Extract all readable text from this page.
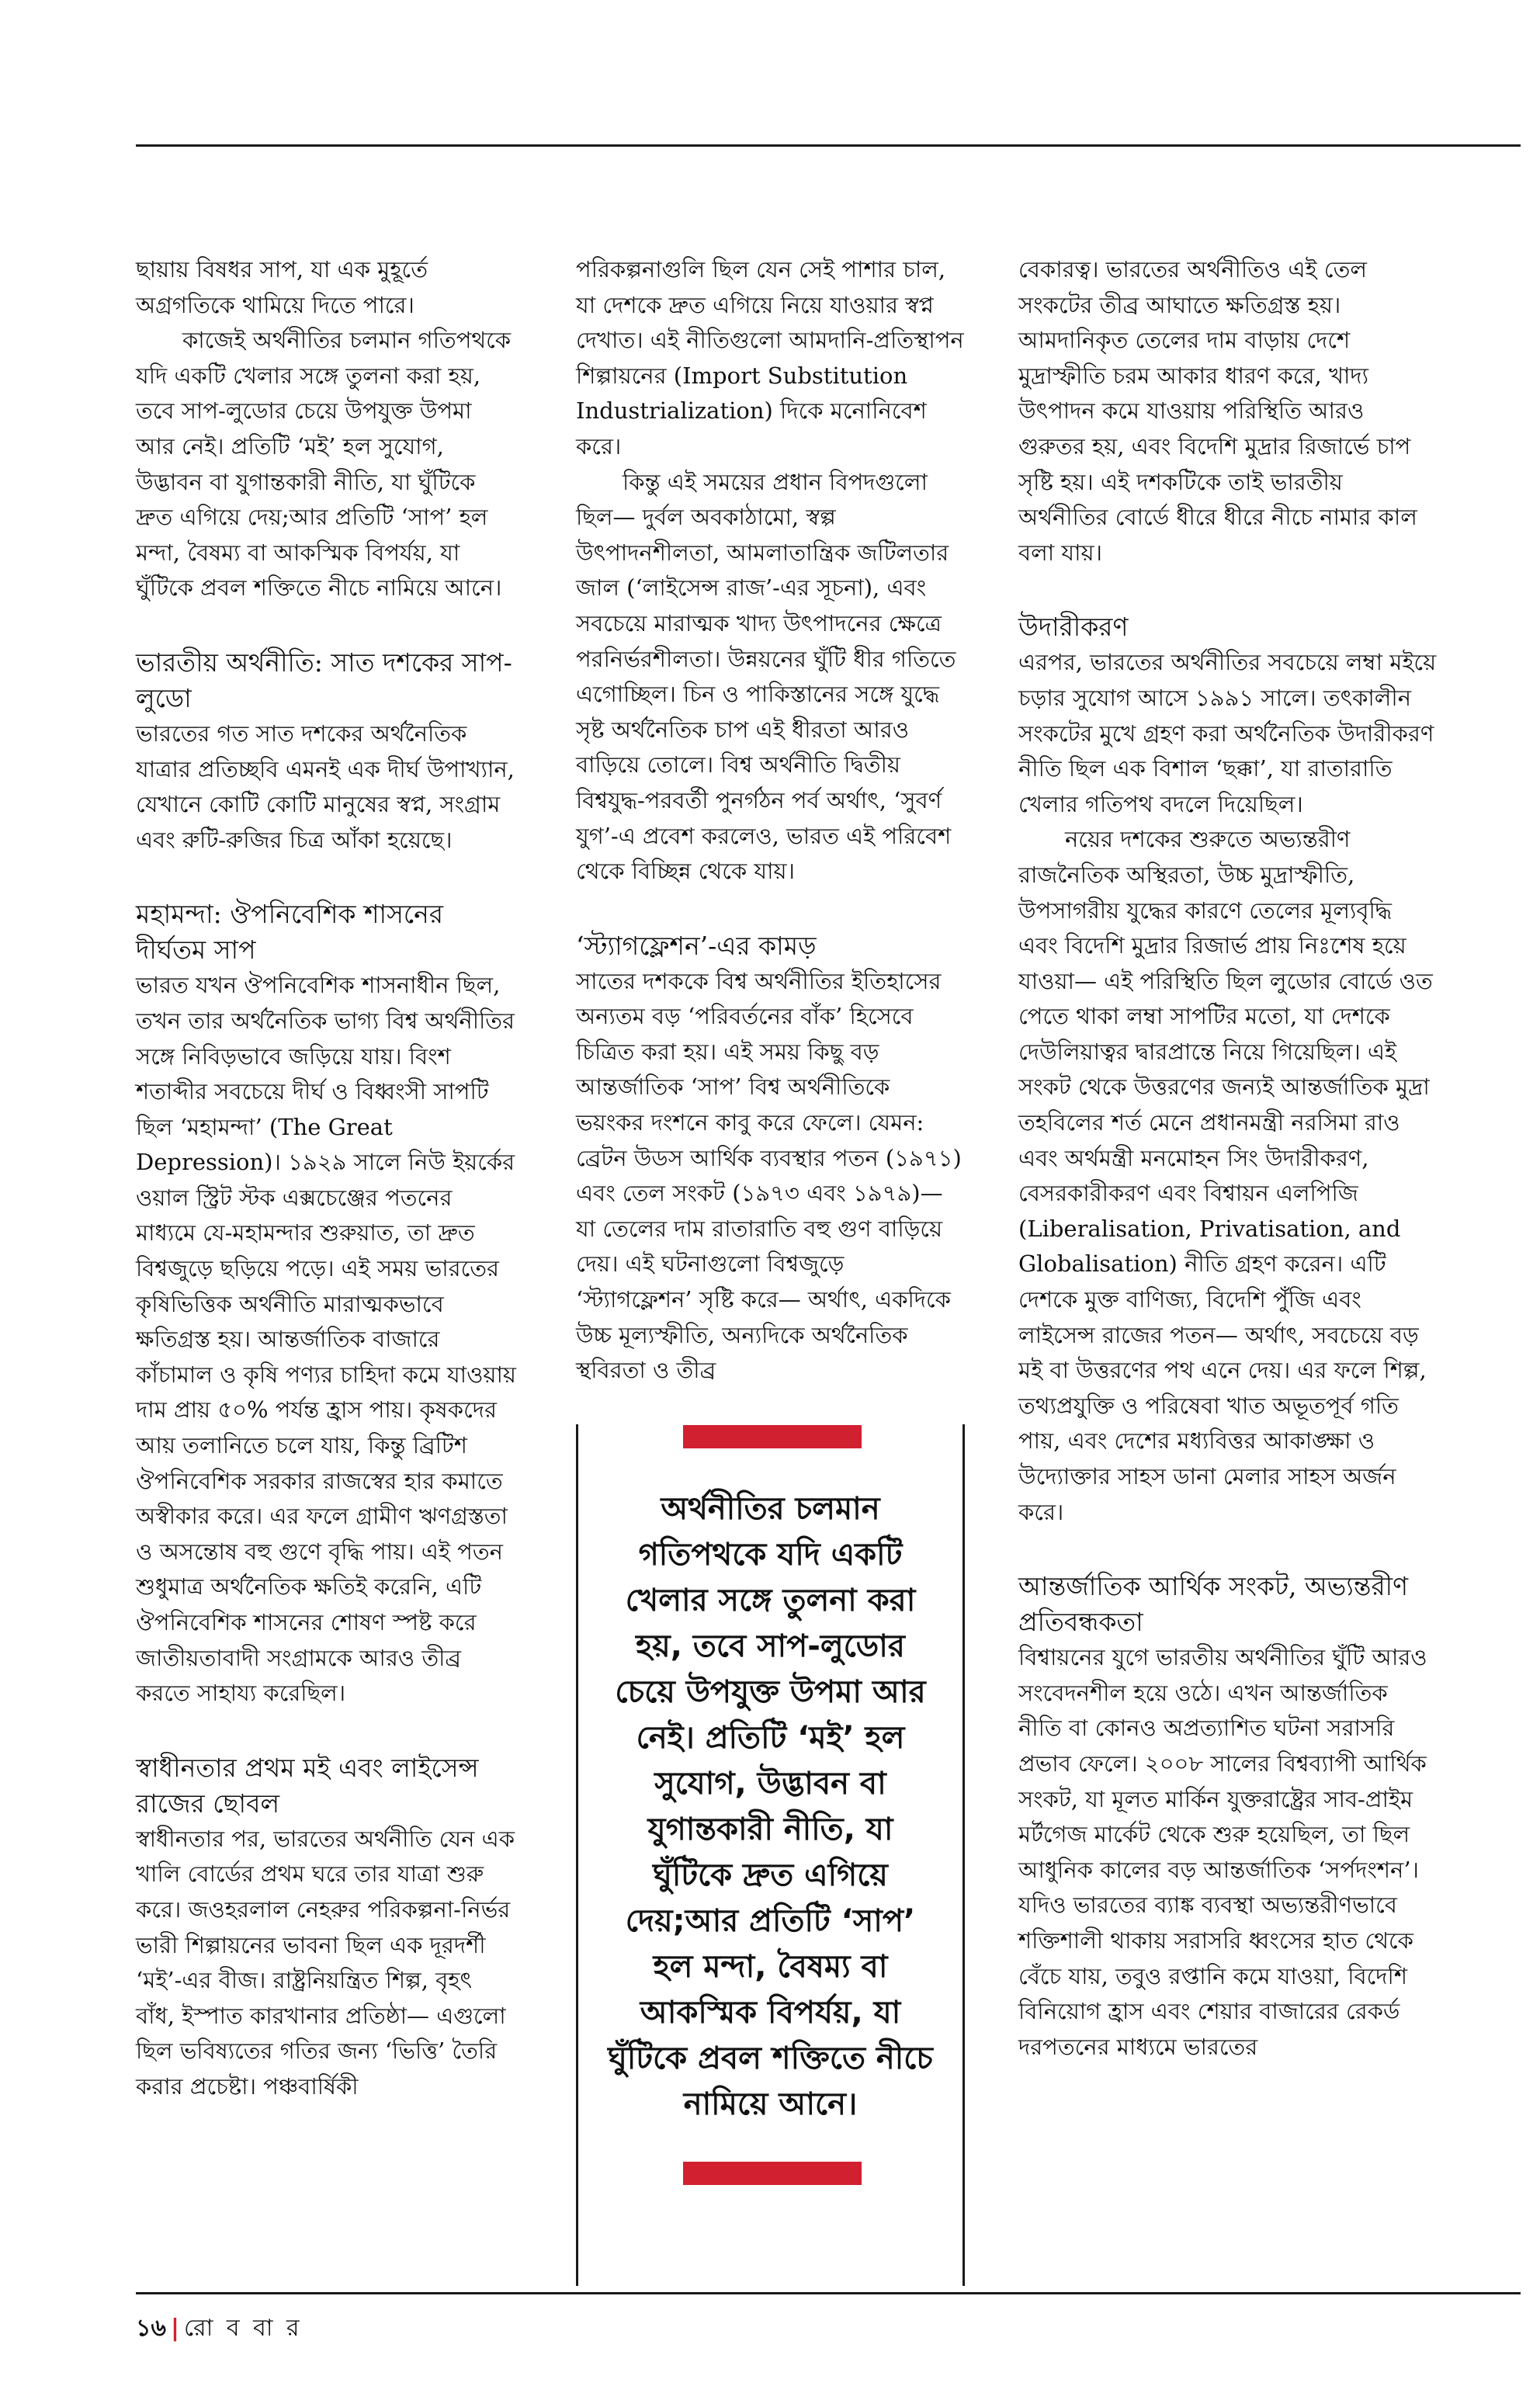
ছায়ায় বিষধর সাপ, যা এক মুহূর্তে অগ্রগতিকে থামিয়ে দিতে পারে।

কাজেই অর্থনীতির চলমান গতিপথকে যদি একটি খেলার সঙ্গে তুলনা করা হয়, তবে সাপ-লুডোর চেয়ে উপযুক্ত উপমা আর নেই। প্রতিটি ‘মই’ হল সুযোগ, উদ্ভাবন বা যুগান্তকারী নীতি, যা ঘুঁটিকে দ্রুত এগিয়ে দেয়;আর প্রতিটি ‘সাপ’ হল মন্দা, বৈষম্য বা আকস্মিক বিপর্যয়, যা ঘুঁটিকে প্রবল শক্তিতে নীচে নামিয়ে আনে।

ভারতীয় অর্থনীতি: সাত দশকের সাপ-লুডো

ভারতের গত সাত দশকের অর্থনৈতিক যাত্রার প্রতিচ্ছবি এমনই এক দীর্ঘ উপাখ্যান, যেখানে কোটি কোটি মানুষের স্বপ্ন, সংগ্রাম এবং রুটি-রুজির চিত্র আঁকা হয়েছে।

মহামন্দা: ঔপনিবেশিক শাসনের দীর্ঘতম সাপ

ভারত যখন ঔপনিবেশিক শাসনাধীন ছিল, তখন তার অর্থনৈতিক ভাগ্য বিশ্ব অর্থনীতির সঙ্গে নিবিড়ভাবে জড়িয়ে যায়। বিংশ শতাব্দীর সবচেয়ে দীর্ঘ ও বিধ্বংসী সাপটি ছিল ‘মহামন্দা’ (The Great Depression)। ১৯২৯ সালে নিউ ইয়র্কের ওয়াল স্ট্রিট স্টক এক্সচেঞ্জের পতনের মাধ্যমে যে-মহামন্দার শুরুয়াত, তা দ্রুত বিশ্বজুড়ে ছড়িয়ে পড়ে। এই সময় ভারতের কৃষিভিত্তিক অর্থনীতি মারাত্মকভাবে ক্ষতিগ্রস্ত হয়। আন্তর্জাতিক বাজারে কাঁচামাল ও কৃষি পণ্যর চাহিদা কমে যাওয়ায় দাম প্রায় ৫০% পর্যন্ত হ্রাস পায়। কৃষকদের আয় তলানিতে চলে যায়, কিন্তু ব্রিটিশ ঔপনিবেশিক সরকার রাজস্বের হার কমাতে অস্বীকার করে। এর ফলে গ্রামীণ ঋণগ্রস্ততা ও অসন্তোষ বহু গুণে বৃদ্ধি পায়। এই পতন শুধুমাত্র অর্থনৈতিক ক্ষতিই করেনি, এটি ঔপনিবেশিক শাসনের শোষণ স্পষ্ট করে জাতীয়তাবাদী সংগ্রামকে আরও তীব্র করতে সাহায্য করেছিল।

স্বাধীনতার প্রথম মই এবং লাইসেন্স রাজের ছোবল

স্বাধীনতার পর, ভারতের অর্থনীতি যেন এক খালি বোর্ডের প্রথম ঘরে তার যাত্রা শুরু করে। জওহরলাল নেহরুর পরিকল্পনা-নির্ভর ভারী শিল্পায়নের ভাবনা ছিল এক দূরদর্শী ‘মই’-এর বীজ। রাষ্ট্রনিয়ন্ত্রিত শিল্প, বৃহৎ বাঁধ, ইস্পাত কারখানার প্রতিষ্ঠা— এগুলো ছিল ভবিষ্যতের গতির জন্য ‘ভিত্তি’ তৈরি করার প্রচেষ্টা। পঞ্চবার্ষিকী

পরিকল্পনাগুলি ছিল যেন সেই পাশার চাল, যা দেশকে দ্রুত এগিয়ে নিয়ে যাওয়ার স্বপ্ন দেখাত। এই নীতিগুলো আমদানি-প্রতিস্থাপন শিল্পায়নের (Import Substitution Industrialization) দিকে মনোনিবেশ করে।

কিন্তু এই সময়ের প্রধান বিপদগুলো ছিল— দুর্বল অবকাঠামো, স্বল্প উৎপাদনশীলতা, আমলাতান্ত্রিক জটিলতার জাল (‘লাইসেন্স রাজ’-এর সূচনা), এবং সবচেয়ে মারাত্মক খাদ্য উৎপাদনের ক্ষেত্রে পরনির্ভরশীলতা। উন্নয়নের ঘুঁটি ধীর গতিতে এগোচ্ছিল। চিন ও পাকিস্তানের সঙ্গে যুদ্ধে সৃষ্ট অর্থনৈতিক চাপ এই ধীরতা আরও বাড়িয়ে তোলে। বিশ্ব অর্থনীতি দ্বিতীয় বিশ্বযুদ্ধ-পরবর্তী পুনর্গঠন পর্ব অর্থাৎ, ‘সুবর্ণ যুগ’-এ প্রবেশ করলেও, ভারত এই পরিবেশ থেকে বিচ্ছিন্ন থেকে যায়।

‘স্ট্যাগফ্লেশন’-এর কামড়

সাতের দশককে বিশ্ব অর্থনীতির ইতিহাসের অন্যতম বড় ‘পরিবর্তনের বাঁক’ হিসেবে চিত্রিত করা হয়। এই সময় কিছু বড় আন্তর্জাতিক ‘সাপ’ বিশ্ব অর্থনীতিকে ভয়ংকর দংশনে কাবু করে ফেলে। যেমন: ব্রেটন উডস আর্থিক ব্যবস্থার পতন (১৯৭১) এবং তেল সংকট (১৯৭৩ এবং ১৯৭৯)— যা তেলের দাম রাতারাতি বহু গুণ বাড়িয়ে দেয়। এই ঘটনাগুলো বিশ্বজুড়ে ‘স্ট্যাগফ্লেশন’ সৃষ্টি করে— অর্থাৎ, একদিকে উচ্চ মূল্যস্ফীতি, অন্যদিকে অর্থনৈতিক স্থবিরতা ও তীব্র

বেকারত্ব। ভারতের অর্থনীতিও এই তেল সংকটের তীব্র আঘাতে ক্ষতিগ্রস্ত হয়। আমদানিকৃত তেলের দাম বাড়ায় দেশে মুদ্রাস্ফীতি চরম আকার ধারণ করে, খাদ্য উৎপাদন কমে যাওয়ায় পরিস্থিতি আরও গুরুতর হয়, এবং বিদেশি মুদ্রার রিজার্ভে চাপ সৃষ্টি হয়। এই দশকটিকে তাই ভারতীয় অর্থনীতির বোর্ডে ধীরে ধীরে নীচে নামার কাল বলা যায়।

উদারীকরণ

এরপর, ভারতের অর্থনীতির সবচেয়ে লম্বা মইয়ে চড়ার সুযোগ আসে ১৯৯১ সালে। তৎকালীন সংকটের মুখে গ্রহণ করা অর্থনৈতিক উদারীকরণ নীতি ছিল এক বিশাল ‘ছক্কা’, যা রাতারাতি খেলার গতিপথ বদলে দিয়েছিল।

নয়ের দশকের শুরুতে অভ্যন্তরীণ রাজনৈতিক অস্থিরতা, উচ্চ মুদ্রাস্ফীতি, উপসাগরীয় যুদ্ধের কারণে তেলের মূল্যবৃদ্ধি এবং বিদেশি মুদ্রার রিজার্ভ প্রায় নিঃশেষ হয়ে যাওয়া— এই পরিস্থিতি ছিল লুডোর বোর্ডে ওত পেতে থাকা লম্বা সাপটির মতো, যা দেশকে দেউলিয়াত্বর দ্বারপ্রান্তে নিয়ে গিয়েছিল। এই সংকট থেকে উত্তরণের জন্যই আন্তর্জাতিক মুদ্রা তহবিলের শর্ত মেনে প্রধানমন্ত্রী নরসিমা রাও এবং অর্থমন্ত্রী মনমোহন সিং উদারীকরণ, বেসরকারীকরণ এবং বিশ্বায়ন এলপিজি (Liberalisation, Privatisation, and Globalisation) নীতি গ্রহণ করেন। এটি দেশকে মুক্ত বাণিজ্য, বিদেশি পুঁজি এবং লাইসেন্স রাজের পতন— অর্থাৎ, সবচেয়ে বড় মই বা উত্তরণের পথ এনে দেয়। এর ফলে শিল্প, তথ্যপ্রযুক্তি ও পরিষেবা খাত অভূতপূর্ব গতি পায়, এবং দেশের মধ্যবিত্তর আকাঙ্ক্ষা ও উদ্যোক্তার সাহস ডানা মেলার সাহস অর্জন করে।

আন্তর্জাতিক আর্থিক সংকট, অভ্যন্তরীণ প্রতিবন্ধকতা

বিশ্বায়নের যুগে ভারতীয় অর্থনীতির ঘুঁটি আরও সংবেদনশীল হয়ে ওঠে। এখন আন্তর্জাতিক নীতি বা কোনও অপ্রত্যাশিত ঘটনা সরাসরি প্রভাব ফেলে। ২০০৮ সালের বিশ্বব্যাপী আর্থিক সংকট, যা মূলত মার্কিন যুক্তরাষ্ট্রের সাব-প্রাইম মর্টগেজ মার্কেট থেকে শুরু হয়েছিল, তা ছিল আধুনিক কালের বড় আন্তর্জাতিক ‘সর্পদংশন’। যদিও ভারতের ব্যাঙ্ক ব্যবস্থা অভ্যন্তরীণভাবে শক্তিশালী থাকায় সরাসরি ধ্বংসের হাত থেকে বেঁচে যায়, তবুও রপ্তানি কমে যাওয়া, বিদেশি বিনিয়োগ হ্রাস এবং শেয়ার বাজারের রেকর্ড দরপতনের মাধ্যমে ভারতের

অর্থনীতির চলমান গতিপথকে যদি একটি খেলার সঙ্গে তুলনা করা হয়, তবে সাপ-লুডোর চেয়ে উপযুক্ত উপমা আর নেই। প্রতিটি ‘মই’ হল সুযোগ, উদ্ভাবন বা যুগান্তকারী নীতি, যা ঘুঁটিকে দ্রুত এগিয়ে দেয়;আর প্রতিটি ‘সাপ’ হল মন্দা, বৈষম্য বা আকস্মিক বিপর্যয়, যা ঘুঁটিকে প্রবল শক্তিতে নীচে নামিয়ে আনে।
১৬ | রো ব বা র
